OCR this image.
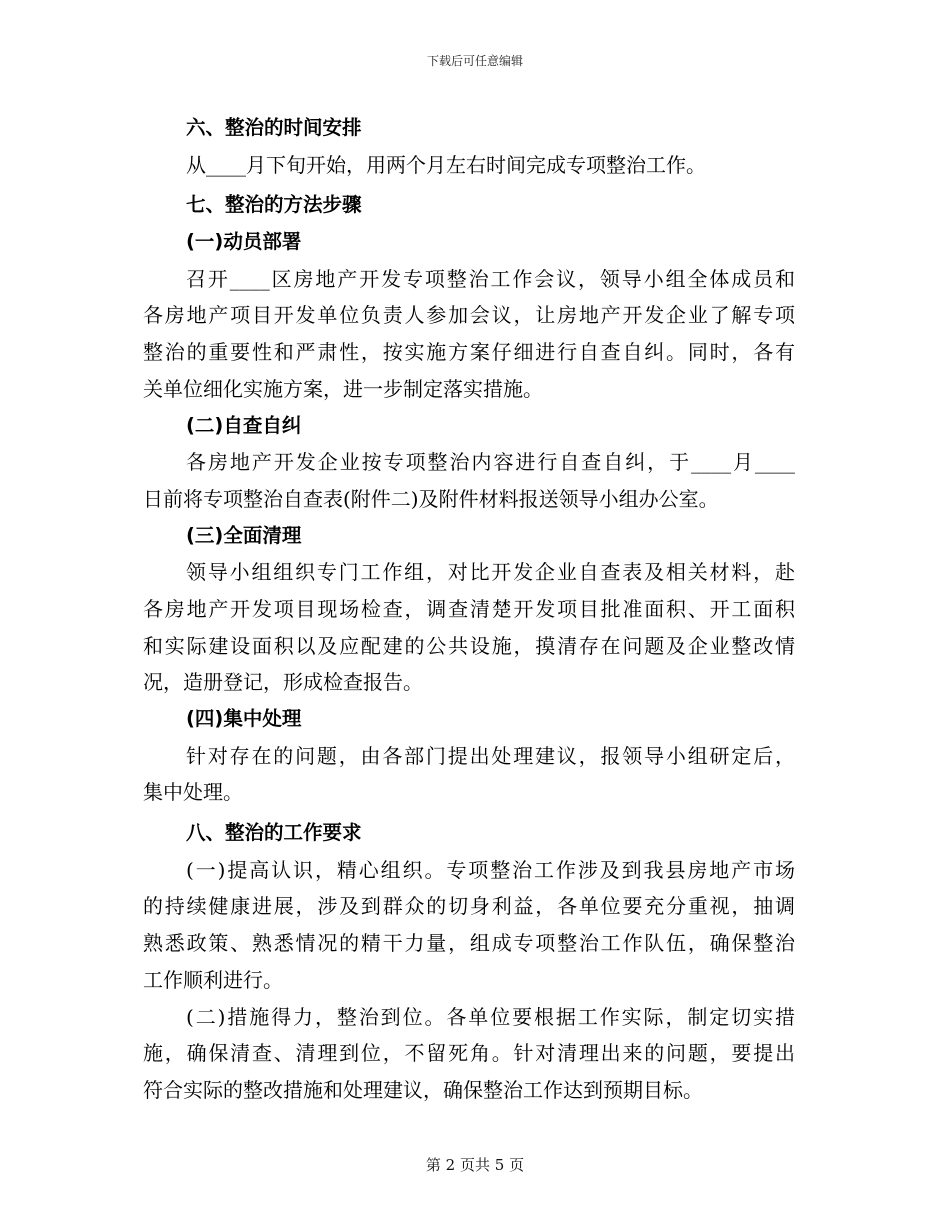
下载后可任意编辑
六、整治的时间安排
从____月下旬开始，用两个月左右时间完成专项整治工作。
七、整治的方法步骤
(一)动员部署
召开____区房地产开发专项整治工作会议，领导小组全体成员和
各房地产项目开发单位负责人参加会议，让房地产开发企业了解专项
整治的重要性和严肃性，按实施方案仔细进行自查自纠。同时，各有
关单位细化实施方案，进一步制定落实措施。
(二)自查自纠
各房地产开发企业按专项整治内容进行自查自纠，于____月____
日前将专项整治自查表(附件二)及附件材料报送领导小组办公室。
(三)全面清理
领导小组组织专门工作组，对比开发企业自查表及相关材料，赴
各房地产开发项目现场检查，调查清楚开发项目批准面积、开工面积
和实际建设面积以及应配建的公共设施，摸清存在问题及企业整改情
况，造册登记，形成检查报告。
(四)集中处理
针对存在的问题，由各部门提出处理建议，报领导小组研定后，
集中处理。
八、整治的工作要求
(一)提高认识，精心组织。专项整治工作涉及到我县房地产市场
的持续健康进展，涉及到群众的切身利益，各单位要充分重视，抽调
熟悉政策、熟悉情况的精干力量，组成专项整治工作队伍，确保整治
工作顺利进行。
(二)措施得力，整治到位。各单位要根据工作实际，制定切实措
施，确保清查、清理到位，不留死角。针对清理出来的问题，要提出
符合实际的整改措施和处理建议，确保整治工作达到预期目标。
第 2 页共 5 页
